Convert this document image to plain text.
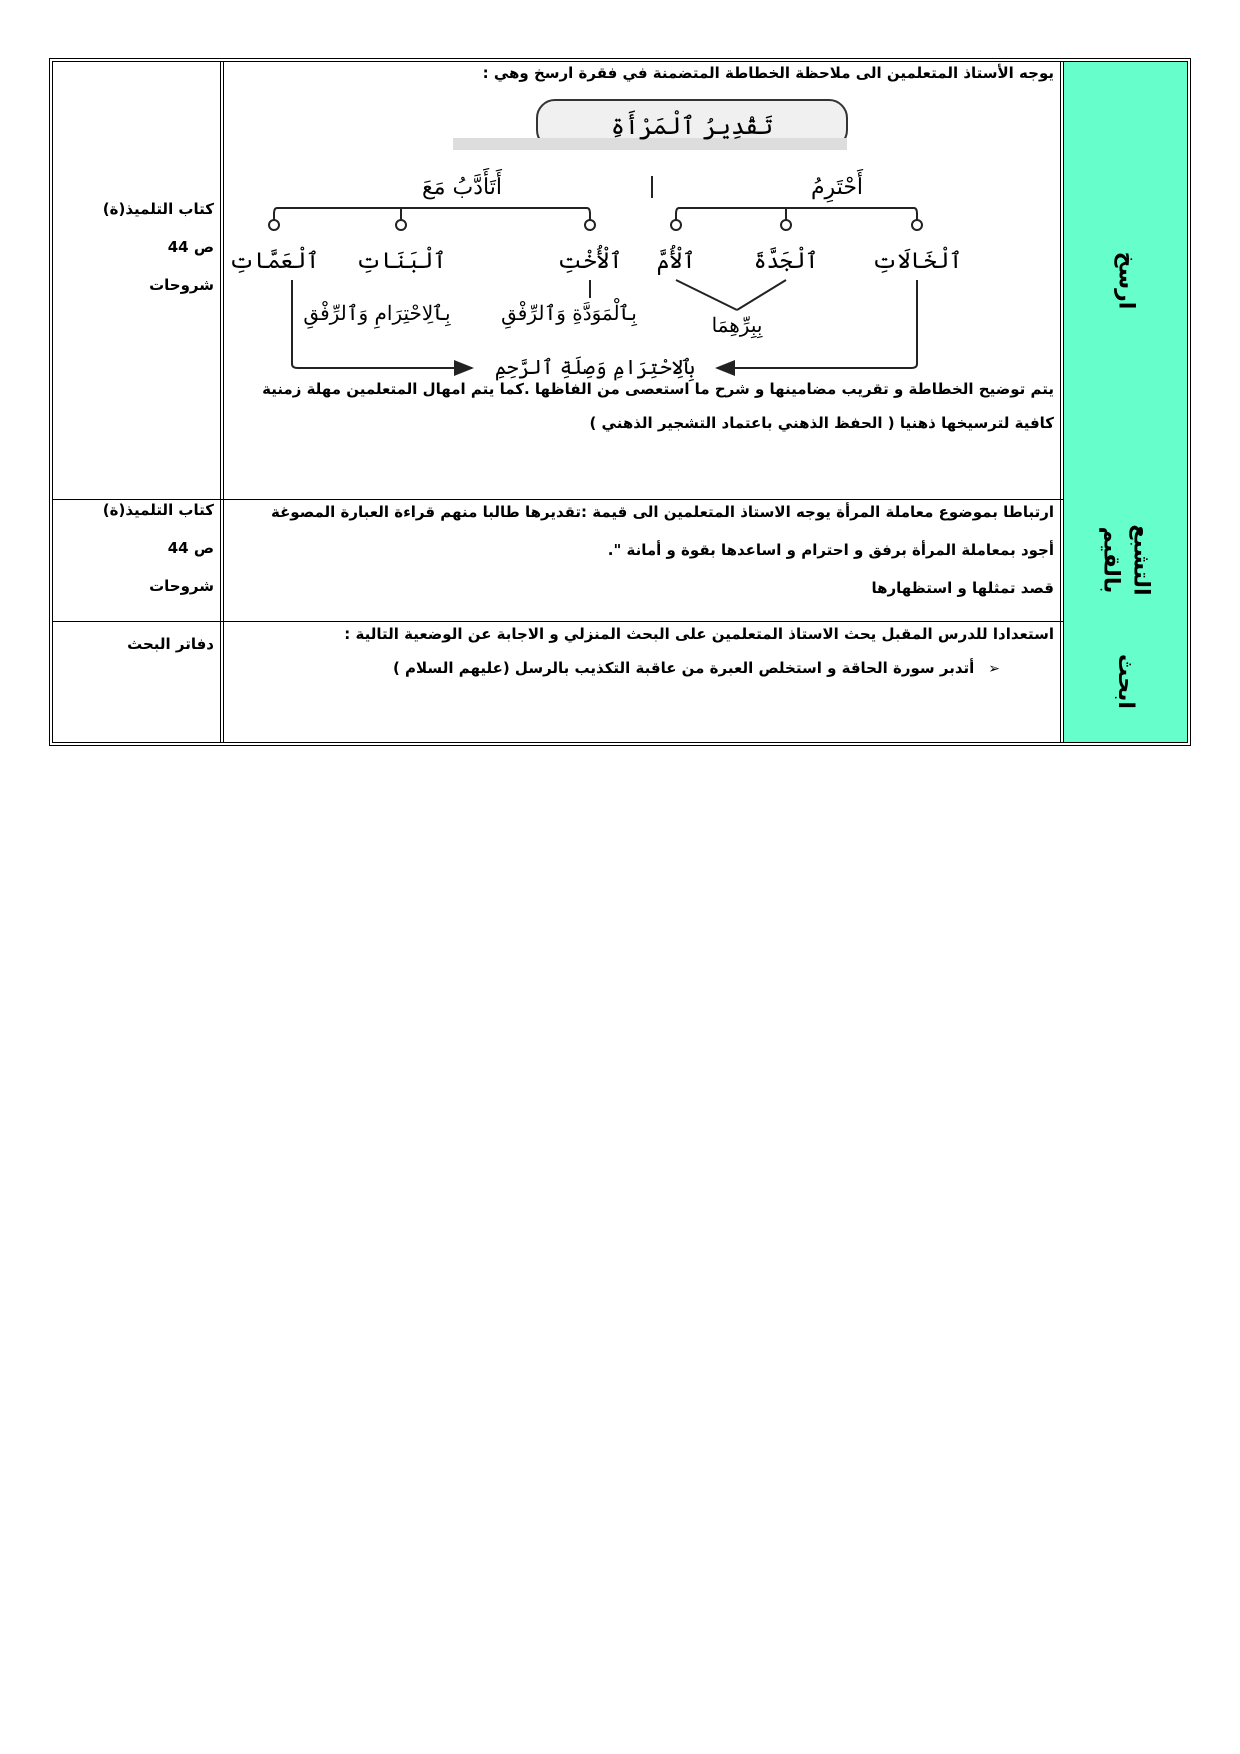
كتاب التلميذ(ة)
ص 44
شروحات
يوجه الأستاذ المتعلمين الى ملاحظة الخطاطة المتضمنة في فقرة ارسخ وهي :
تَقْدِيرُ ٱلْمَرْأَةِ
أَحْتَرِمُ
أَتَأَدَّبُ مَعَ
ٱلْخَالَاتِ
ٱلْجَدَّةَ
ٱلْأُمَّ
ٱلْأُخْتِ
ٱلْبَنَاتِ
ٱلْعَمَّاتِ
بِبِرِّهِمَا
بِٱلْمَوَدَّةِ وَٱلرِّفْقِ
بِٱلِاحْتِرَامِ وَٱلرِّفْقِ
بِٱلِاحْتِرَامِ وَصِلَةِ ٱلرَّحِمِ
يتم توضيح الخطاطة و تقريب مضامينها و شرح ما استعصى من الفاظها .كما يتم امهال المتعلمين مهلة زمنية
كافية لترسيخها ذهنيا ( الحفظ الذهني باعتماد التشجير الذهني )
ارسخ
كتاب التلميذ(ة)
ص 44
شروحات
ارتباطا بموضوع معاملة المرأة يوجه الاستاذ المتعلمين الى قيمة :تقديرها طالبا منهم قراءة العبارة المصوغة
أجود بمعاملة المرأة برفق و احترام و اساعدها بقوة و أمانة ".
قصد تمثلها و استظهارها	التشبع
بالقيم
دفاتر البحث
استعدادا للدرس المقبل يحث الاستاذ المتعلمين على البحث المنزلي و الاجابة عن الوضعية التالية :
➢أتدبر سورة الحاقة و استخلص العبرة من عاقبة التكذيب بالرسل (عليهم السلام )	ابحث
